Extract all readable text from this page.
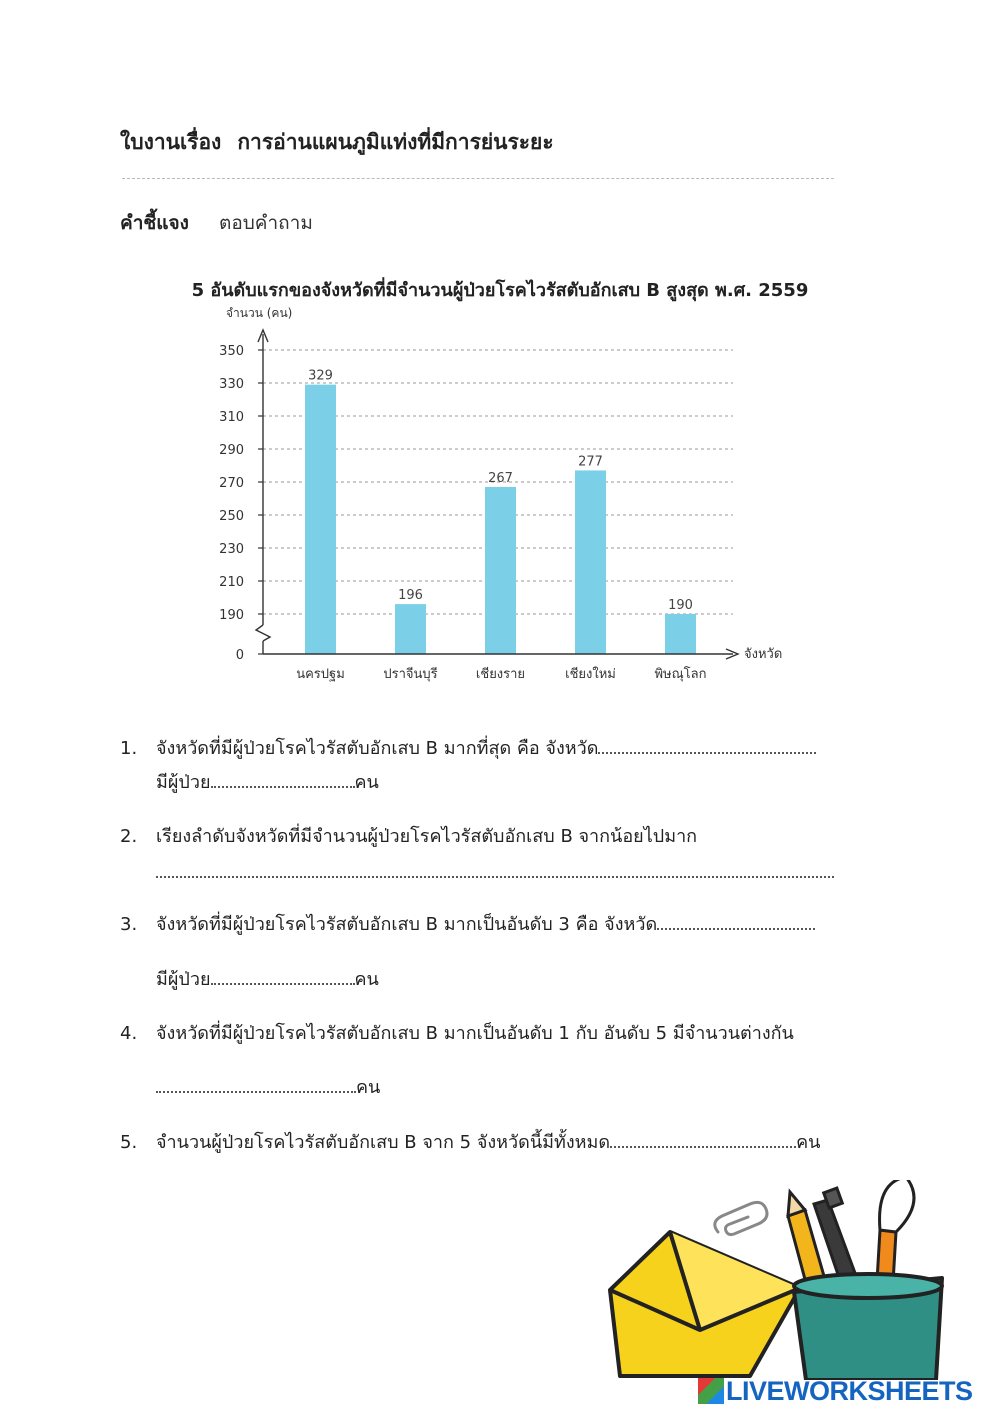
ใบงานเรื่อง การอ่านแผนภูมิแท่งที่มีการย่นระยะ
คำชี้แจง ตอบคำถาม
5 อันดับแรกของจังหวัดที่มีจำนวนผู้ป่วยโรคไวรัสตับอักเสบ B สูงสุด พ.ศ. 2559
จำนวน (คน)
จังหวัด
0
190
210
230
250
270
290
310
330
350
329
นครปฐม
196
ปราจีนบุรี
267
เชียงราย
277
เชียงใหม่
190
พิษณุโลก
1. จังหวัดที่มีผู้ป่วยโรคไวรัสตับอักเสบ B มากที่สุด คือ จังหวัด
มีผู้ป่วย	คน
2. เรียงลำดับจังหวัดที่มีจำนวนผู้ป่วยโรคไวรัสตับอักเสบ B จากน้อยไปมาก
3. จังหวัดที่มีผู้ป่วยโรคไวรัสตับอักเสบ B มากเป็นอันดับ 3 คือ จังหวัด
มีผู้ป่วย	คน
4. จังหวัดที่มีผู้ป่วยโรคไวรัสตับอักเสบ B มากเป็นอันดับ 1 กับ อันดับ 5 มีจำนวนต่างกัน
คน
5. จำนวนผู้ป่วยโรคไวรัสตับอักเสบ B จาก 5 จังหวัดนี้มีทั้งหมด	คน
LIVEWORKSHEETS
